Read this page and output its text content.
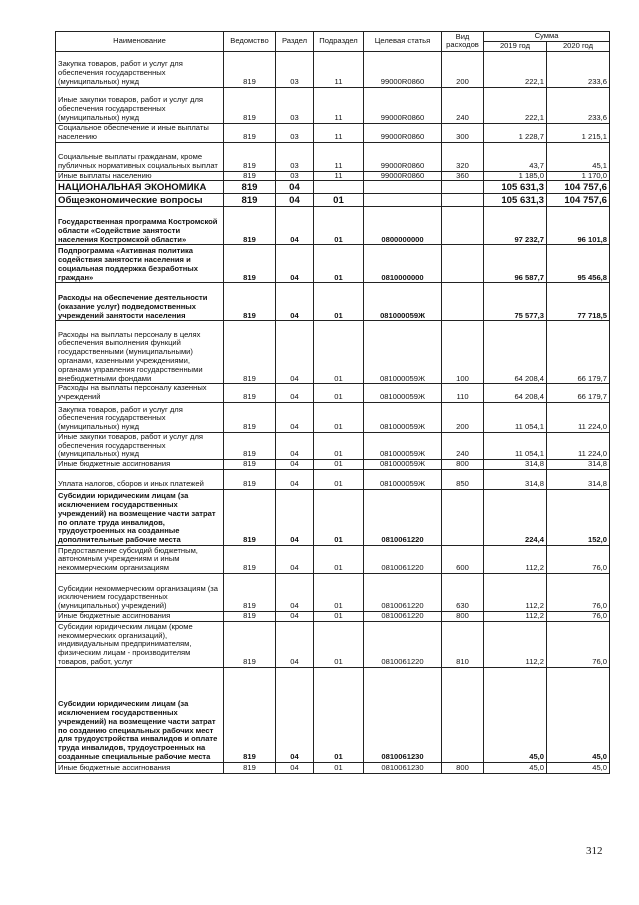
Наименование	Ведомство	Раздел	Подраздел	Целевая статья	Вид расходов	Сумма	
						2019 год	2020 год
Закупка товаров, работ и услуг для обеспечения государственных (муниципальных) нужд	819	03	11	99000R0860	200	222,1	233,6
Иные закупки товаров, работ и услуг для обеспечения государственных (муниципальных) нужд	819	03	11	99000R0860	240	222,1	233,6
Социальное обеспечение и иные выплаты населению	819	03	11	99000R0860	300	1 228,7	1 215,1
Социальные выплаты гражданам, кроме публичных нормативных социальных выплат	819	03	11	99000R0860	320	43,7	45,1
Иные выплаты населению	819	03	11	99000R0860	360	1 185,0	1 170,0
НАЦИОНАЛЬНАЯ ЭКОНОМИКА	819	04				105 631,3	104 757,6
Общеэкономические вопросы	819	04	01			105 631,3	104 757,6
Государственная программа Костромской области «Содействие занятости населения Костромской области»	819	04	01	0800000000		97 232,7	96 101,8
Подпрограмма «Активная политика содействия занятости населения и социальная поддержка безработных граждан»	819	04	01	0810000000		96 587,7	95 456,8
Расходы на обеспечение деятельности (оказание услуг) подведомственных учреждений занятости населения	819	04	01	081000059Ж		75 577,3	77 718,5
Расходы на выплаты персоналу в целях обеспечения выполнения функций государственными (муниципальными) органами, казенными учреждениями, органами управления государственными внебюджетными фондами	819	04	01	081000059Ж	100	64 208,4	66 179,7
Расходы на выплаты персоналу казенных учреждений	819	04	01	081000059Ж	110	64 208,4	66 179,7
Закупка товаров, работ и услуг для обеспечения государственных (муниципальных) нужд	819	04	01	081000059Ж	200	11 054,1	11 224,0
Иные закупки товаров, работ и услуг для обеспечения государственных (муниципальных) нужд	819	04	01	081000059Ж	240	11 054,1	11 224,0
Иные бюджетные ассигнования	819	04	01	081000059Ж	800	314,8	314,8
Уплата налогов, сборов и иных платежей	819	04	01	081000059Ж	850	314,8	314,8
Субсидии юридическим лицам (за исключением государственных учреждений) на возмещение части затрат по оплате труда инвалидов, трудоустроенных на созданные дополнительные рабочие места	819	04	01	0810061220		224,4	152,0
Предоставление субсидий бюджетным, автономным учреждениям и иным некоммерческим организациям	819	04	01	0810061220	600	112,2	76,0
Субсидии некоммерческим организациям (за исключением государственных (муниципальных) учреждений)	819	04	01	0810061220	630	112,2	76,0
Иные бюджетные ассигнования	819	04	01	0810061220	800	112,2	76,0
Субсидии юридическим лицам (кроме некоммерческих организаций), индивидуальным предпринимателям, физическим лицам - производителям товаров, работ, услуг	819	04	01	0810061220	810	112,2	76,0
Субсидии юридическим лицам (за исключением государственных учреждений) на возмещение части затрат по созданию специальных рабочих мест для трудоустройства инвалидов и оплате труда инвалидов, трудоустроенных на созданные специальные рабочие места	819	04	01	0810061230		45,0	45,0
Иные бюджетные ассигнования	819	04	01	0810061230	800	45,0	45,0
312
